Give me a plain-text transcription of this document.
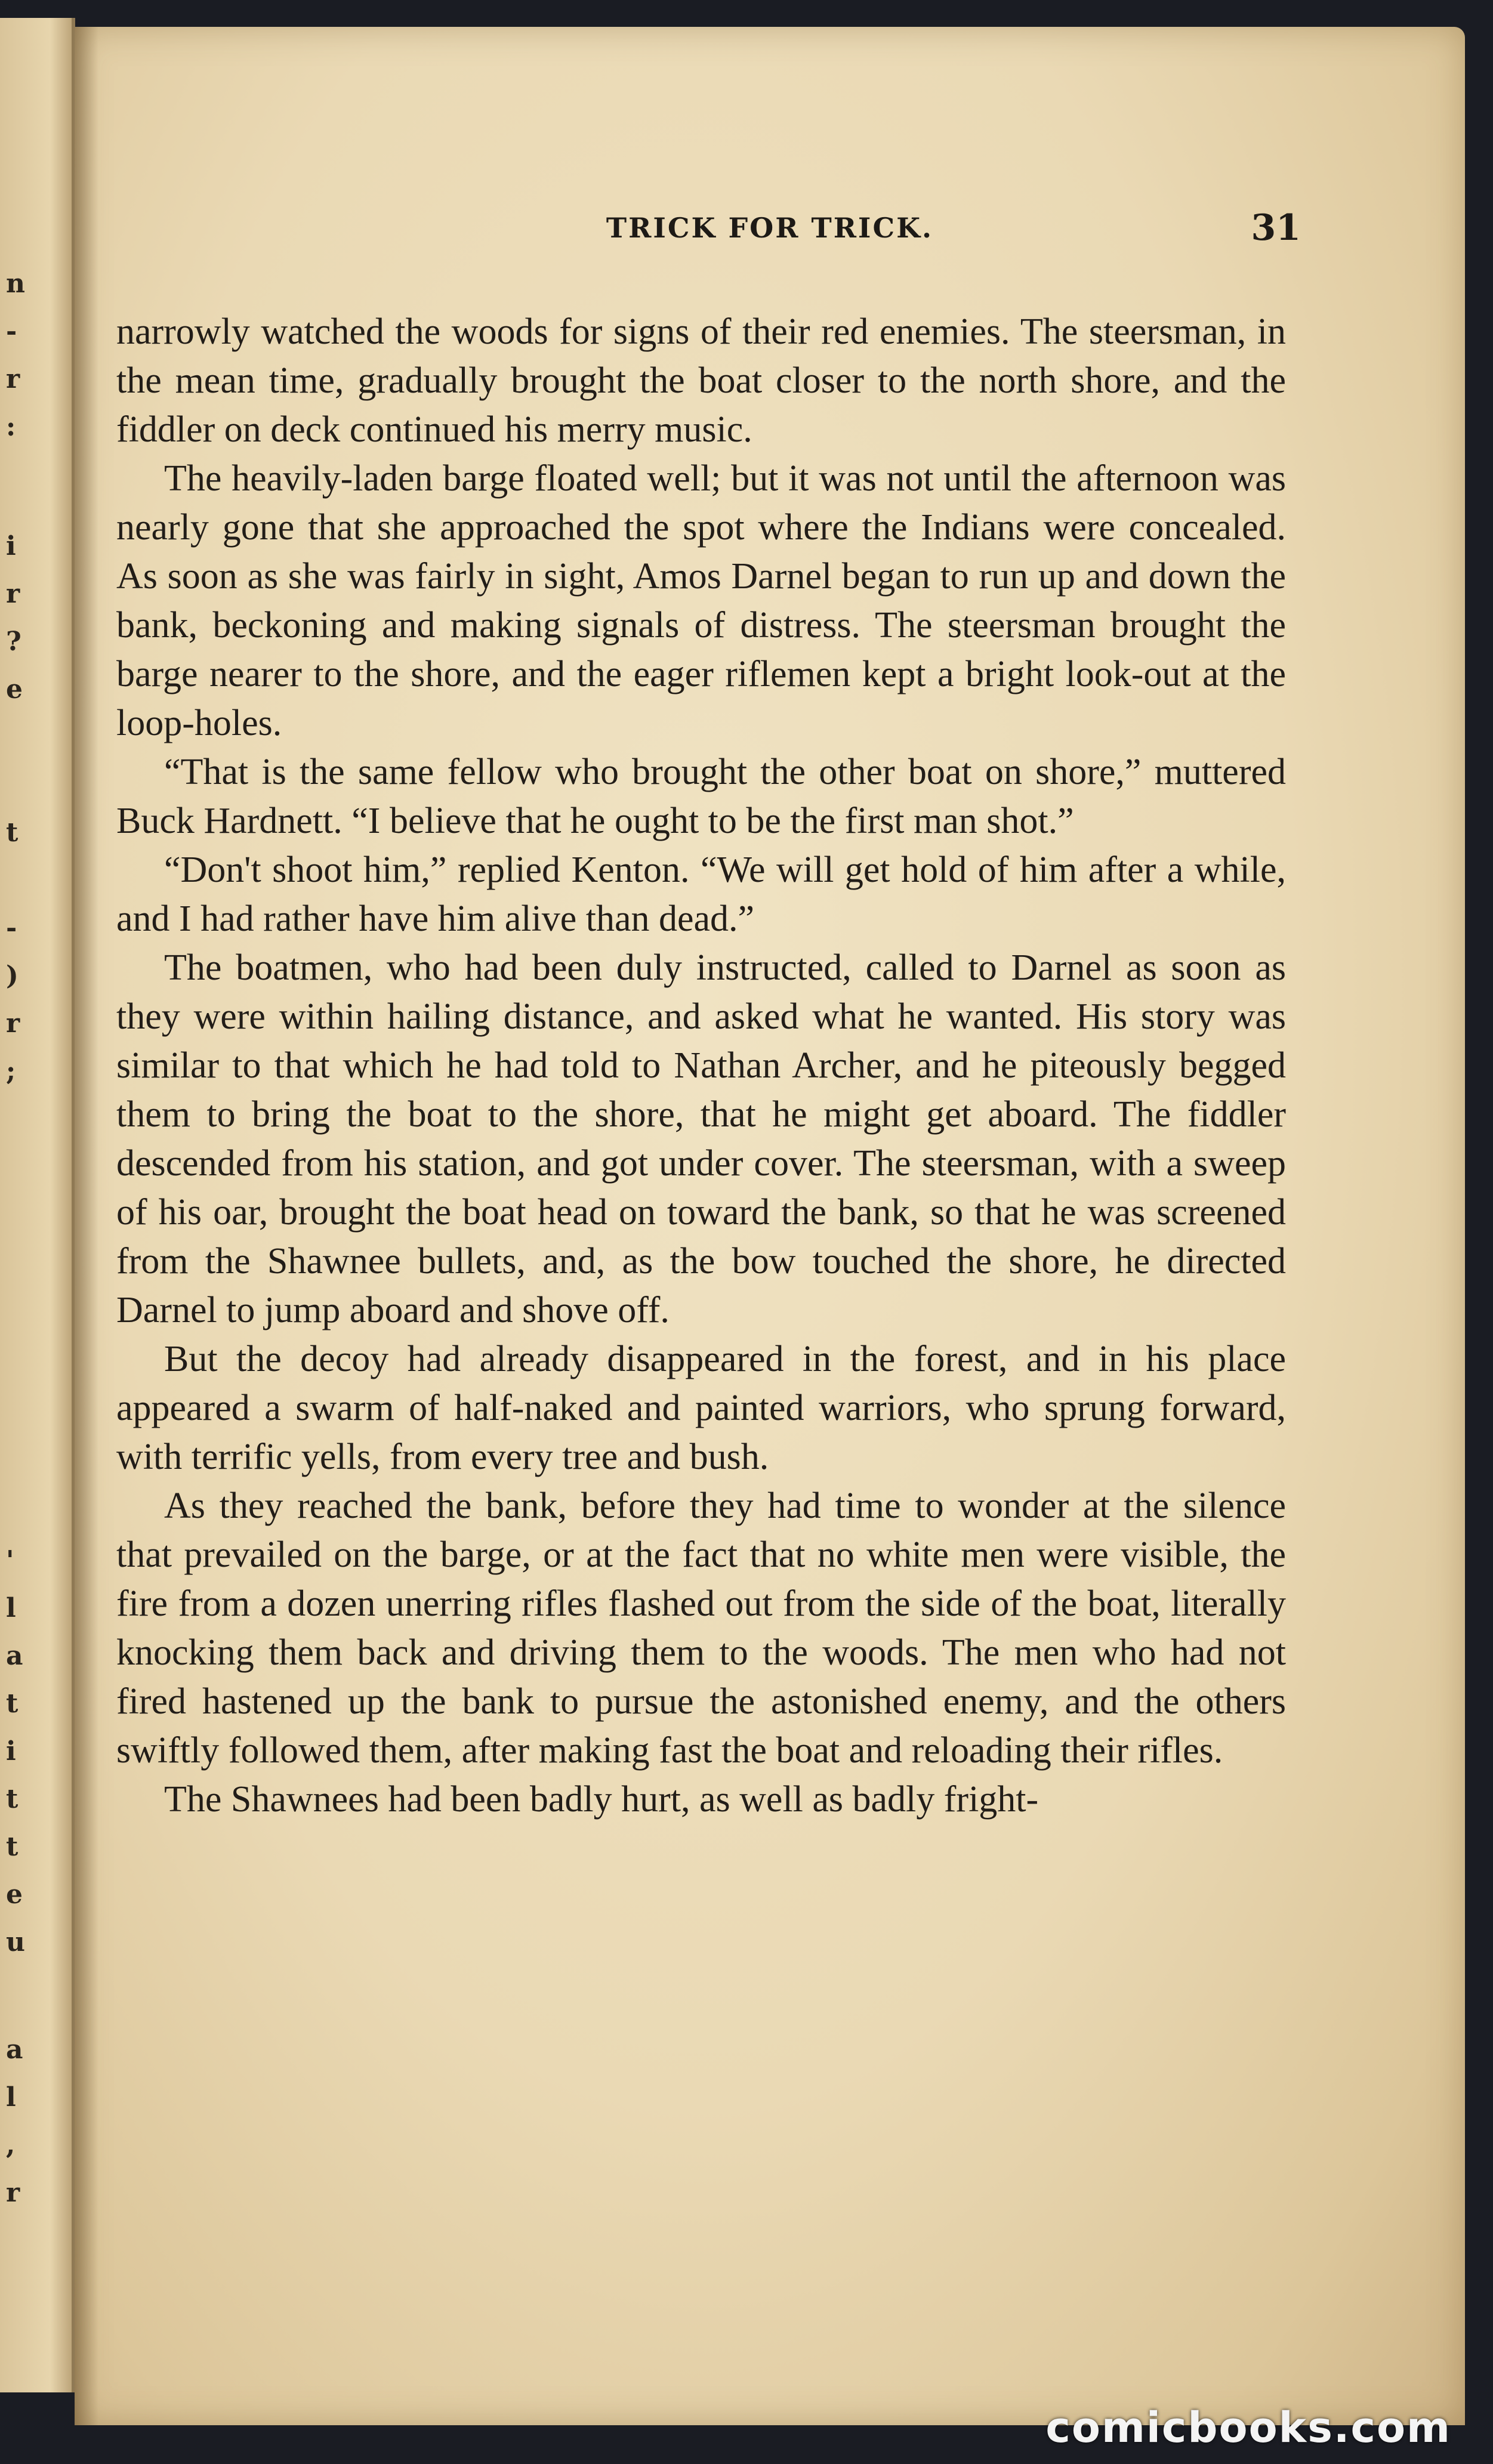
n
-
r
:
i
r
?
e
t
-
)
r
;
'
l
a
t
i
t
t
e
u
a
l
,
r
TRICK FOR TRICK.	31

narrowly watched the woods for signs of their red enemies. The steersman, in the mean time, gradually brought the boat closer to the north shore, and the fiddler on deck continued his merry music.

The heavily-laden barge floated well; but it was not until the afternoon was nearly gone that she approached the spot where the Indians were concealed. As soon as she was fairly in sight, Amos Darnel began to run up and down the bank, beckoning and making signals of distress. The steersman brought the barge nearer to the shore, and the eager riflemen kept a bright look-out at the loop-holes.

“That is the same fellow who brought the other boat on shore,” muttered Buck Hardnett. “I believe that he ought to be the first man shot.”

“Don't shoot him,” replied Kenton. “We will get hold of him after a while, and I had rather have him alive than dead.”

The boatmen, who had been duly instructed, called to Darnel as soon as they were within hailing distance, and asked what he wanted. His story was similar to that which he had told to Nathan Archer, and he piteously begged them to bring the boat to the shore, that he might get aboard. The fiddler descended from his station, and got under cover. The steersman, with a sweep of his oar, brought the boat head on toward the bank, so that he was screened from the Shawnee bullets, and, as the bow touched the shore, he directed Darnel to jump aboard and shove off.

But the decoy had already disappeared in the forest, and in his place appeared a swarm of half-naked and painted warriors, who sprung forward, with terrific yells, from every tree and bush.

As they reached the bank, before they had time to wonder at the silence that prevailed on the barge, or at the fact that no white men were visible, the fire from a dozen unerring rifles flashed out from the side of the boat, literally knocking them back and driving them to the woods. The men who had not fired hastened up the bank to pursue the astonished enemy, and the others swiftly followed them, after making fast the boat and reloading their rifles.

The Shawnees had been badly hurt, as well as badly fright-

comicbooks.com
